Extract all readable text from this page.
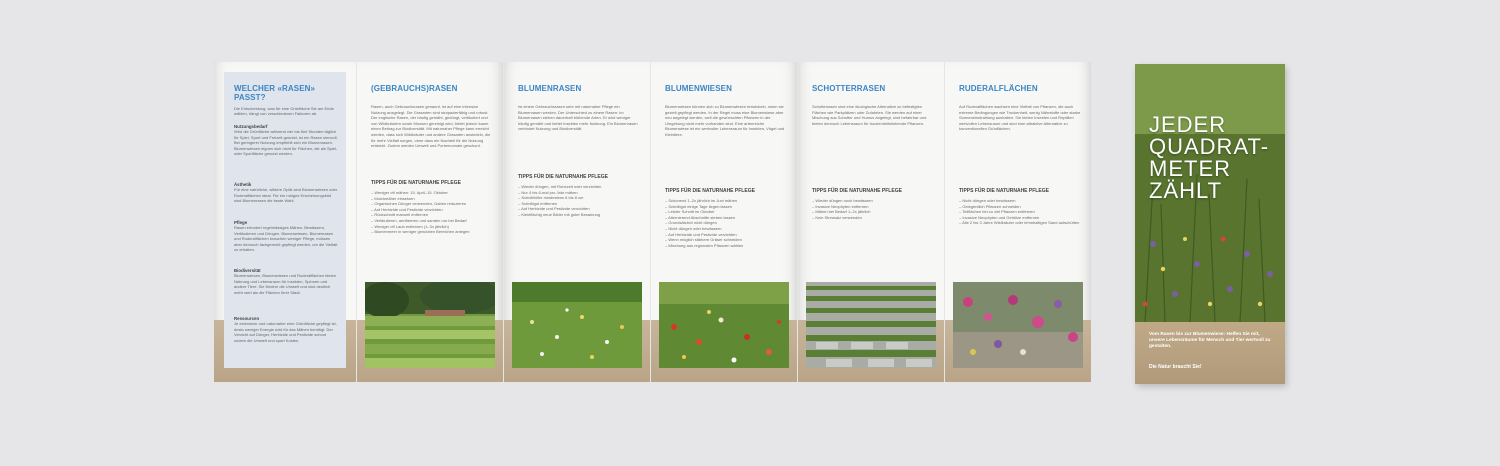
WELCHER «RASEN» PASST?
Die Entscheidung, was für eine Grünfläche Sie am Ende wählen, hängt von verschiedenen Faktoren ab.
Nutzungsbedarf
Wird die Grünfläche während vier bis fünf Stunden täglich für Spiel, Sport und Freizeit genutzt, ist ein Rasen sinnvoll. Bei geringerer Nutzung empfiehlt sich ein Blumenrasen. Blumenwiesen eignen sich nicht für Flächen, die als Spiel- oder Sportfläche genutzt werden.
Ästhetik
Für eine natürliche, wildere Optik sind Blumenwiesen oder Ruderalflächen ideal. Für ein ruhiges Erscheinungsbild sind Blumenrasen die beste Wahl.
Pflege
Rasen erfordert regelmässiges Mähen, Bewässern, Vertikutieren und Düngen. Blumenwiesen, Blumenrasen und Ruderalflächen brauchen weniger Pflege, müssen aber dennoch fachgerecht gepflegt werden, um die Vielfalt zu erhalten.
Biodiversität
Blumenwiesen, Blumenwiesen und Ruderalflächen bieten Nahrung und Lebensraum für Insekten, Spinnen und andere Tiere. Sie fördern die Umwelt und sind deutlich mehr wert als die Flächen Ihrer Stadt.
Ressourcen
Je extensiver und naturnaher eine Grünfläche gepflegt ist, desto weniger Energie wird für das Mähen benötigt. Der Verzicht auf Dünger, Herbizide und Pestizide schont zudem die Umwelt und spart Kosten.
(GEBRAUCHS)RASEN
Rasen, auch Gebrauchsrasen genannt, ist auf eine intensive Nutzung ausgelegt. Die Grasarten sind strapazierfähig und robust. Der englische Rasen, der häufig gemäht, gedüngt, vertikutiert und von Wildkräutern sowie Moosen gereinigt wird, bietet jedoch kaum einen Beitrag zur Biodiversität. Mit naturnaher Pflege kann erreicht werden, dass sich Wildkräuter und andere Grasarten ansiedeln, die für mehr Vielfalt sorgen, ohne dass ein Nachteil für die Nutzung entsteht. Zudem werden Umwelt und Portemonnaie geschont.
TIPPS FÜR DIE NATURNAHE PFLEGE
– Weniger oft mähen: 15. April–15. Oktober
– Mulchmäher einsetzen
– Organischen Dünger verwenden, Gaben reduzieren
– Auf Herbizide und Pestizide verzichten
– Rückschnitt manuell entfernen
– Vertikutieren, aerifizieren und sanden nur bei Bedarf
– Weniger oft Laub entfernen (1–3x jährlich)
– Blumenmeer in weniger genutzten Bereichen anlegen
BLUMENRASEN
Ist einem Gebrauchsrasen sehr mit naturnaher Pflege ein Blumenrasen werden. Der Unterschied zu einem Rasen: Im Blumenrasen stehen dauerhaft blühende Arten. Er wird weniger häufig gemäht und bietet Insekten mehr Nahrung. Ein Blumenrasen verbindet Nutzung und Biodiversität.
TIPPS FÜR DIE NATURNAHE PFLEGE
– Wieder düngen, mit Ruhezeit oder verzichten
– Nur 4 bis 6-mal pro Jahr mähen
– Schnitthöhe mindestens 6 bis 8 cm
– Schnittgut entfernen
– Auf Herbizide und Pestizide verzichten
– Kleinflächig neue Bilder mit guter Besamung
BLUMENWIESEN
Blumenwiesen können sich zu Blumenwiesen entwickeln, wenn sie gezielt gepflegt werden. In der Regel muss eine Blumenwiese aber neu angelegt werden, weil die gewünschten Pflanzen in der Umgebung nicht mehr vorhanden sind. Eine artenreiche Blumenwiese ist ein wertvoller Lebensraum für Insekten, Vögel und Kleintiere.
TIPPS FÜR DIE NATURNAHE PFLEGE
– Schonend 1–2x jährlich im Juni mähen
– Schnittgut einige Tage liegen lassen
– Letzter Schnitt im Oktober
– Alternierend Abschnitte stehen lassen
– Grundsätzlich nicht düngen
– Nicht düngen oder bewässern
– Auf Herbizide und Pestizide verzichten
– Wenn möglich stärkere Gräser schneiden
– Mischung aus regionalen Pflanzen wählen
SCHOTTERRASEN
Schotterrasen sind eine ökologische Alternative zu befestigten Flächen wie Parkplätzen oder Zufahrten. Sie werden auf einer Mischung aus Schotter und Humus angelegt, sind befahrbar und bieten dennoch Lebensraum für trockenheitsliebende Pflanzen.
TIPPS FÜR DIE NATURNAHE PFLEGE
– Wieder düngen noch bewässern
– Invasive Neophyten entfernen
– Mähen bei Bedarf 1–2x jährlich
– Kein Streusalz verwenden
RUDERALFLÄCHEN
Auf Ruderalflächen wachsen eine Vielfalt von Pflanzen, die auch extreme Bedingungen wie Trockenheit, wenig Nährstoffe oder starke Sonneneinstrahlung aushalten. Sie bieten Insekten und Reptilien wertvollen Lebensraum und sind eine attraktive Alternative zu konventionellen Grünflächen.
TIPPS FÜR DIE NATURNAHE PFLEGE
– Nicht düngen oder bewässern
– Gelegentlich Pflanzen schneiden
– Teilflächen bei zu viel Pflanzen entfernen
– Invasive Neophyten und Gehölze entfernen
– Alle 2 bis 3 Jahre Wildkräuter oder lehmhaltigen Sand aufschütten
JEDER QUADRAT-METER ZÄHLT
Vom Rasen bis zur Blumenwiese: Helfen Sie mit, unsere Lebensräume für Mensch und Tier wertvoll zu gestalten.
Die Natur braucht Sie!
